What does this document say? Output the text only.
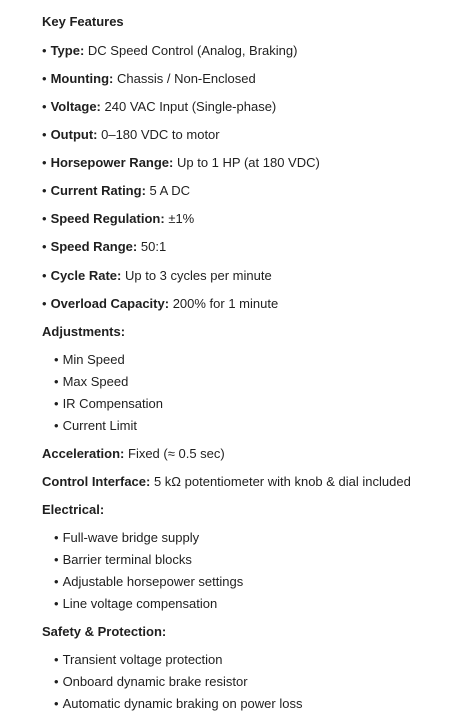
Key Features
• Type: DC Speed Control (Analog, Braking)
• Mounting: Chassis / Non-Enclosed
• Voltage: 240 VAC Input (Single-phase)
• Output: 0–180 VDC to motor
• Horsepower Range: Up to 1 HP (at 180 VDC)
• Current Rating: 5 A DC
• Speed Regulation: ±1%
• Speed Range: 50:1
• Cycle Rate: Up to 3 cycles per minute
• Overload Capacity: 200% for 1 minute
Adjustments:
• Min Speed
• Max Speed
• IR Compensation
• Current Limit
Acceleration: Fixed (≈ 0.5 sec)
Control Interface: 5 kΩ potentiometer with knob & dial included
Electrical:
• Full-wave bridge supply
• Barrier terminal blocks
• Adjustable horsepower settings
• Line voltage compensation
Safety & Protection:
• Transient voltage protection
• Onboard dynamic brake resistor
• Automatic dynamic braking on power loss
